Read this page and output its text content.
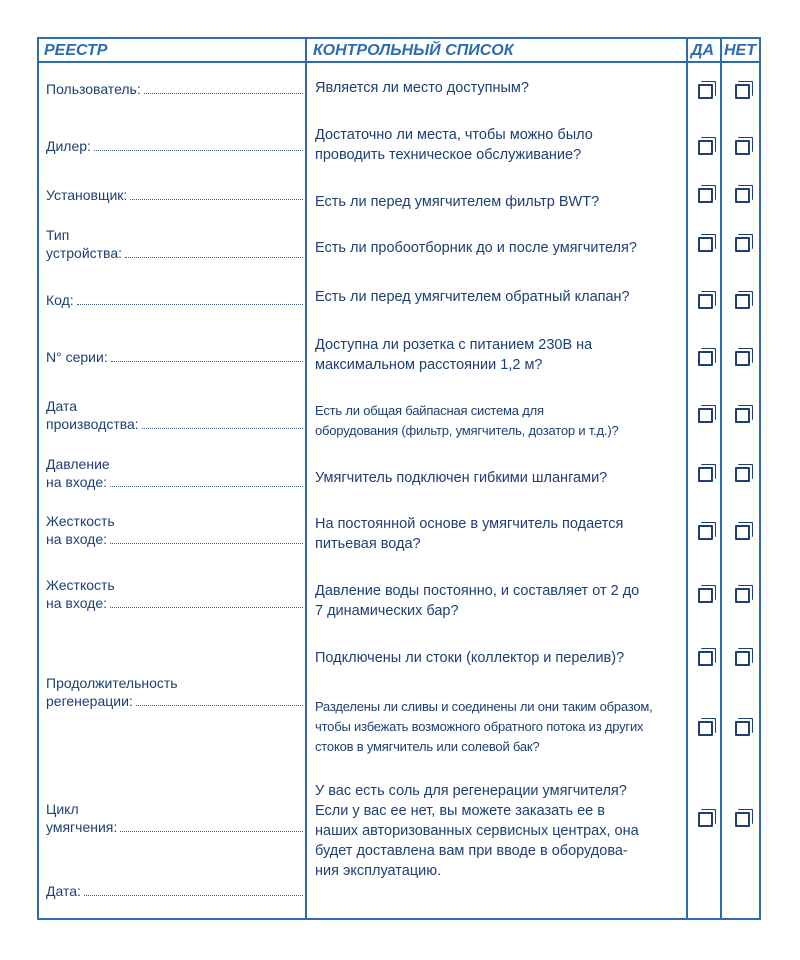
РЕЕСТР	КОНТРОЛЬНЫЙ СПИСОК	ДА НЕТ
Пользователь:
Дилер:
Установщик:
Тип
устройства:
Код:
N° серии:
Дата
производства:
Давление
на входе:
Жесткость
на входе:
Жесткость
на входе:
Продолжительность
регенерации:
Цикл
умягчения:
Дата:
Является ли место доступным?
Достаточно ли места, чтобы можно было
проводить техническое обслуживание?
Есть ли перед умягчителем фильтр BWT?
Есть ли пробоотборник до и после умягчителя?
Есть ли перед умягчителем обратный клапан?
Доступна ли розетка с питанием 230В на
максимальном расстоянии 1,2 м?
Есть ли общая байпасная система для
оборудования (фильтр, умягчитель, дозатор и т.д.)?
Умягчитель подключен гибкими шлангами?
На постоянной основе в умягчитель подается
питьевая вода?
Давление воды постоянно, и составляет от 2 до
7 динамических бар?
Подключены ли стоки (коллектор и перелив)?
Разделены ли сливы и соединены ли они таким образом,
чтобы избежать возможного обратного потока из других
стоков в умягчитель или солевой бак?
У вас есть соль для регенерации умягчителя?
Если у вас ее нет, вы можете заказать ее в
наших авторизованных сервисных центрах, она
будет доставлена вам при вводе в оборудова-
ния эксплуатацию.
